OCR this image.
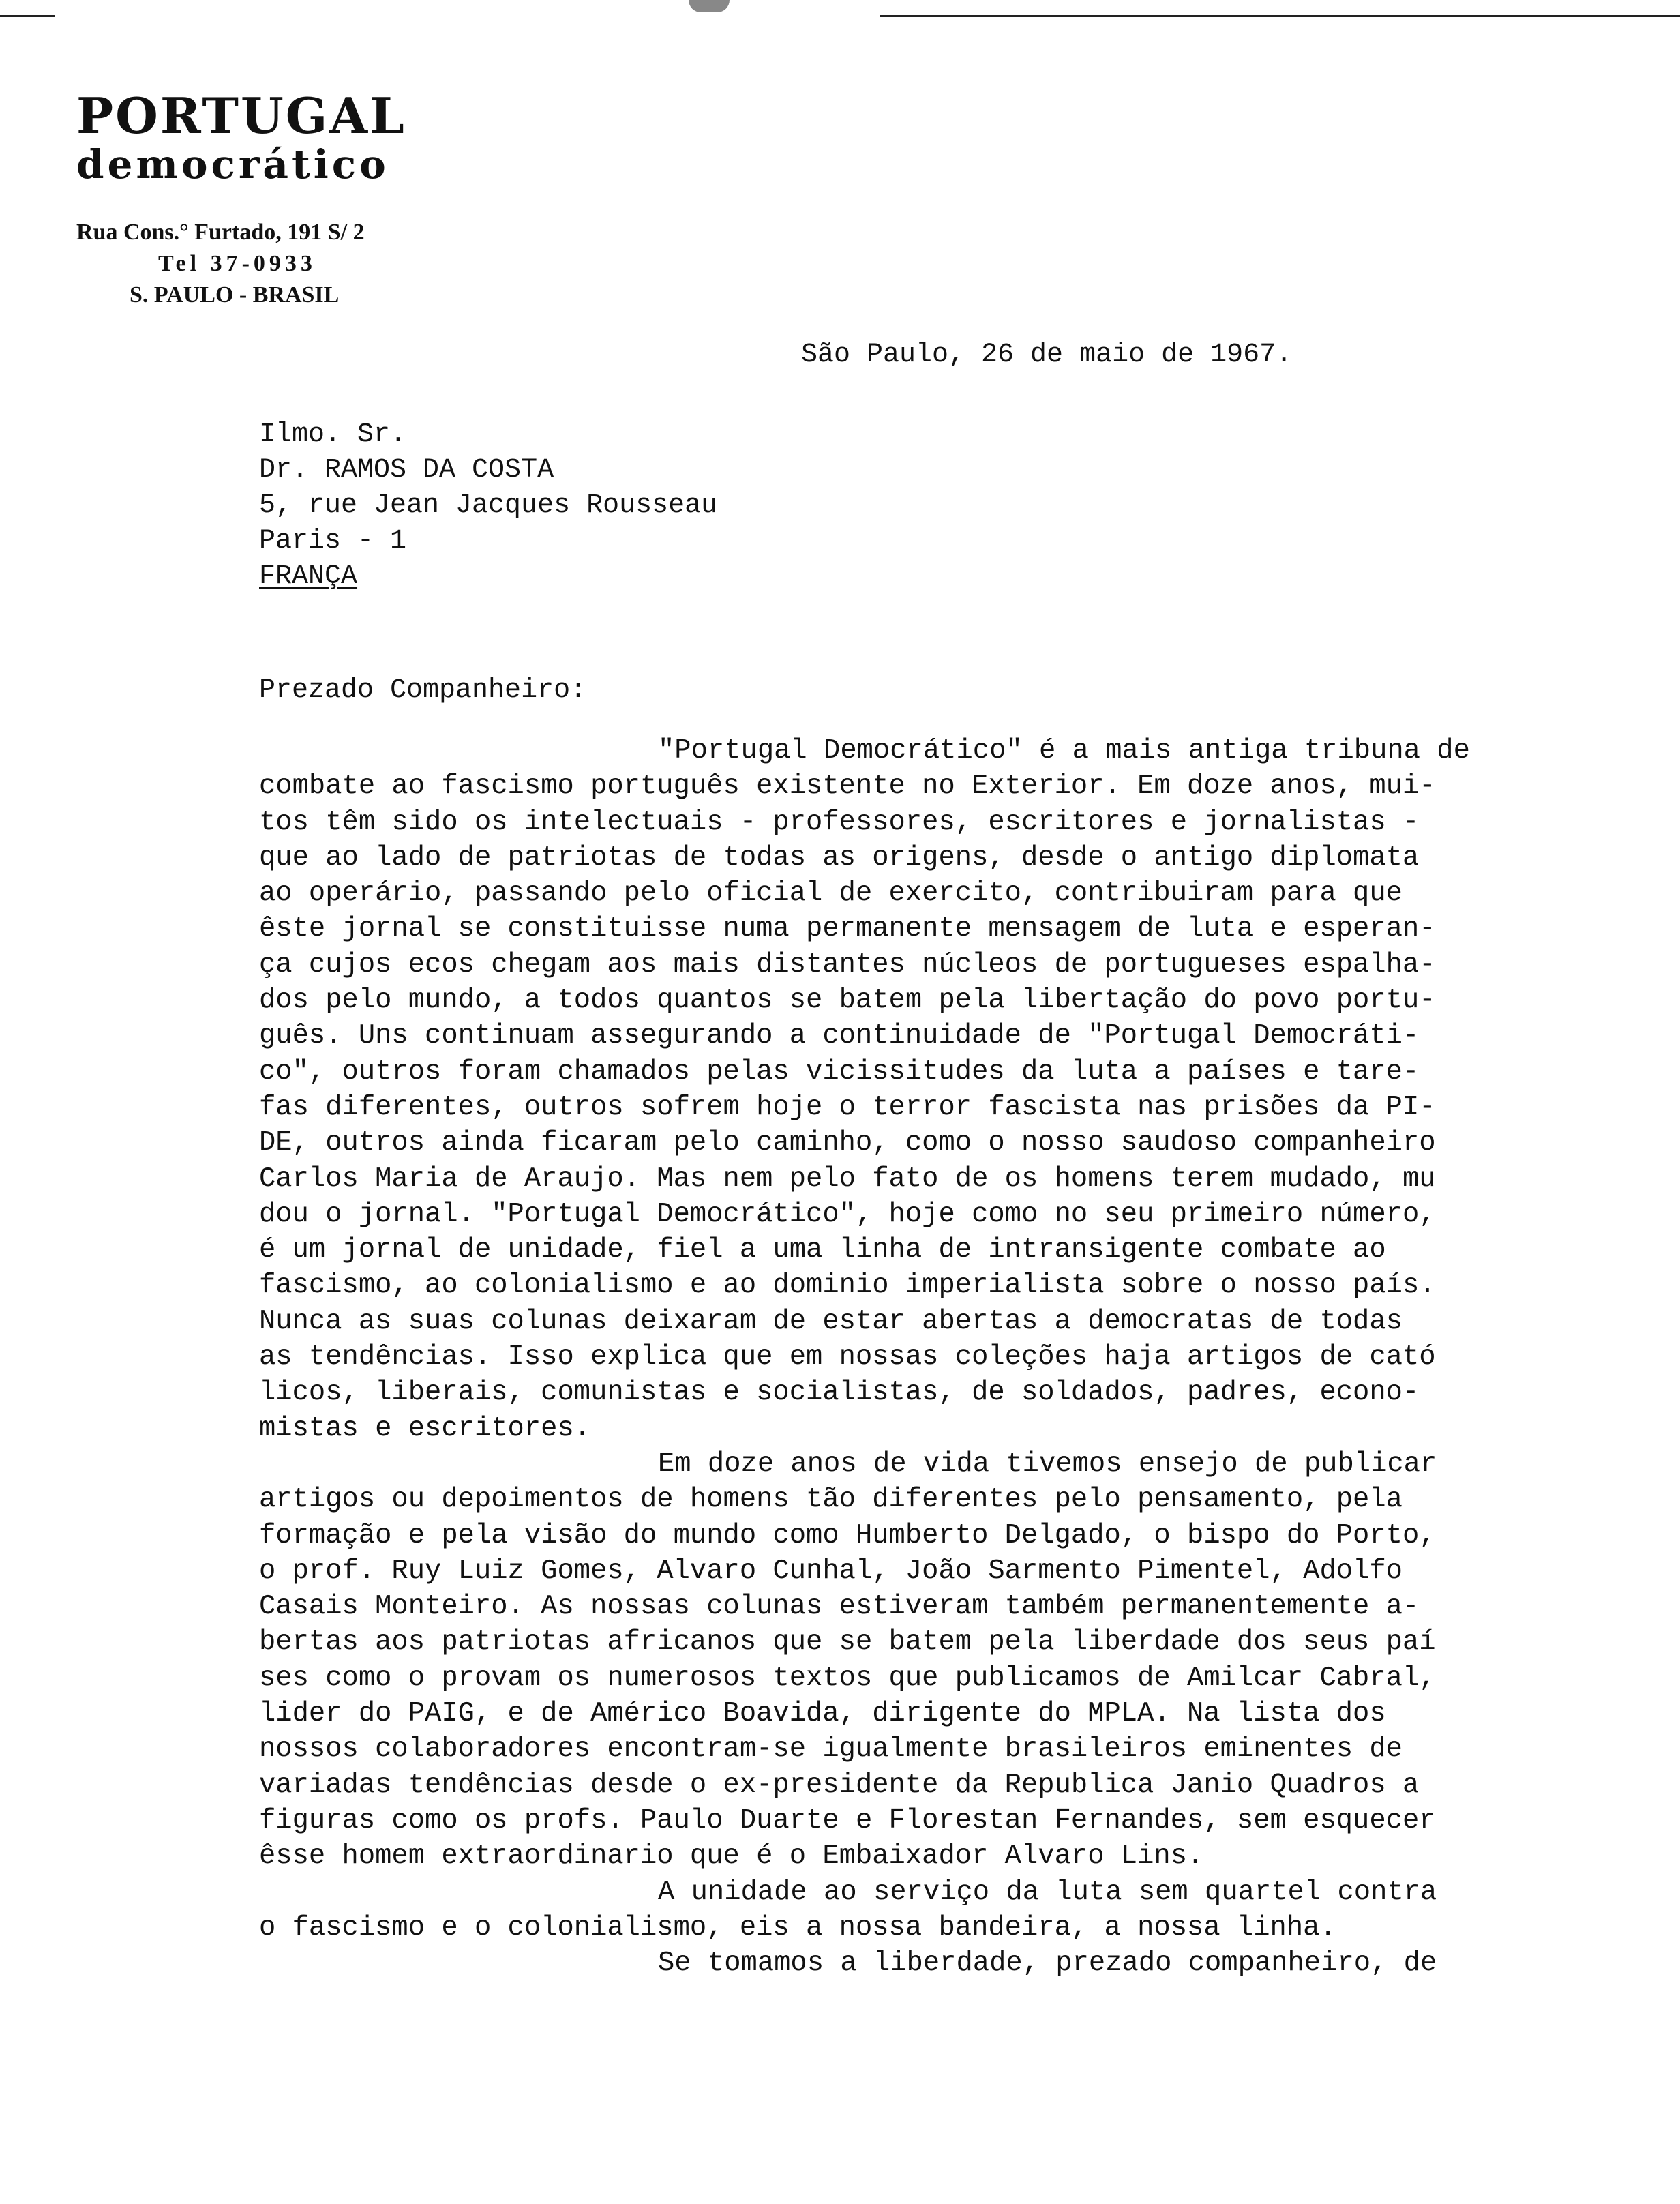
PORTUGAL
democrático
Rua Cons.° Furtado, 191 S/ 2
Tel 37-0933
S. PAULO - BRASIL
São Paulo, 26 de maio de 1967.
Ilmo. Sr.
Dr. RAMOS DA COSTA
5, rue Jean Jacques Rousseau
Paris - 1
FRANÇA
Prezado Companheiro:
"Portugal Democrático" é a mais antiga tribuna de
combate ao fascismo português existente no Exterior. Em doze anos, mui-
tos têm sido os intelectuais - professores, escritores e jornalistas -
que ao lado de patriotas de todas as origens, desde o antigo diplomata
ao operário, passando pelo oficial de exercito, contribuiram para que
êste jornal se constituisse numa permanente mensagem de luta e esperan-
ça cujos ecos chegam aos mais distantes núcleos de portugueses espalha-
dos pelo mundo, a todos quantos se batem pela libertação do povo portu-
guês. Uns continuam assegurando a continuidade de "Portugal Democráti-
co", outros foram chamados pelas vicissitudes da luta a países e tare-
fas diferentes, outros sofrem hoje o terror fascista nas prisões da PI-
DE, outros ainda ficaram pelo caminho, como o nosso saudoso companheiro
Carlos Maria de Araujo. Mas nem pelo fato de os homens terem mudado, mu
dou o jornal. "Portugal Democrático", hoje como no seu primeiro número,
é um jornal de unidade, fiel a uma linha de intransigente combate ao
fascismo, ao colonialismo e ao dominio imperialista sobre o nosso país.
Nunca as suas colunas deixaram de estar abertas a democratas de todas
as tendências. Isso explica que em nossas coleções haja artigos de cató
licos, liberais, comunistas e socialistas, de soldados, padres, econo-
mistas e escritores.
Em doze anos de vida tivemos ensejo de publicar
artigos ou depoimentos de homens tão diferentes pelo pensamento, pela
formação e pela visão do mundo como Humberto Delgado, o bispo do Porto,
o prof. Ruy Luiz Gomes, Alvaro Cunhal, João Sarmento Pimentel, Adolfo
Casais Monteiro. As nossas colunas estiveram também permanentemente a-
bertas aos patriotas africanos que se batem pela liberdade dos seus paí
ses como o provam os numerosos textos que publicamos de Amilcar Cabral,
lider do PAIG, e de Américo Boavida, dirigente do MPLA. Na lista dos
nossos colaboradores encontram-se igualmente brasileiros eminentes de
variadas tendências desde o ex-presidente da Republica Janio Quadros a
figuras como os profs. Paulo Duarte e Florestan Fernandes, sem esquecer
êsse homem extraordinario que é o Embaixador Alvaro Lins.
A unidade ao serviço da luta sem quartel contra
o fascismo e o colonialismo, eis a nossa bandeira, a nossa linha.
Se tomamos a liberdade, prezado companheiro, de
